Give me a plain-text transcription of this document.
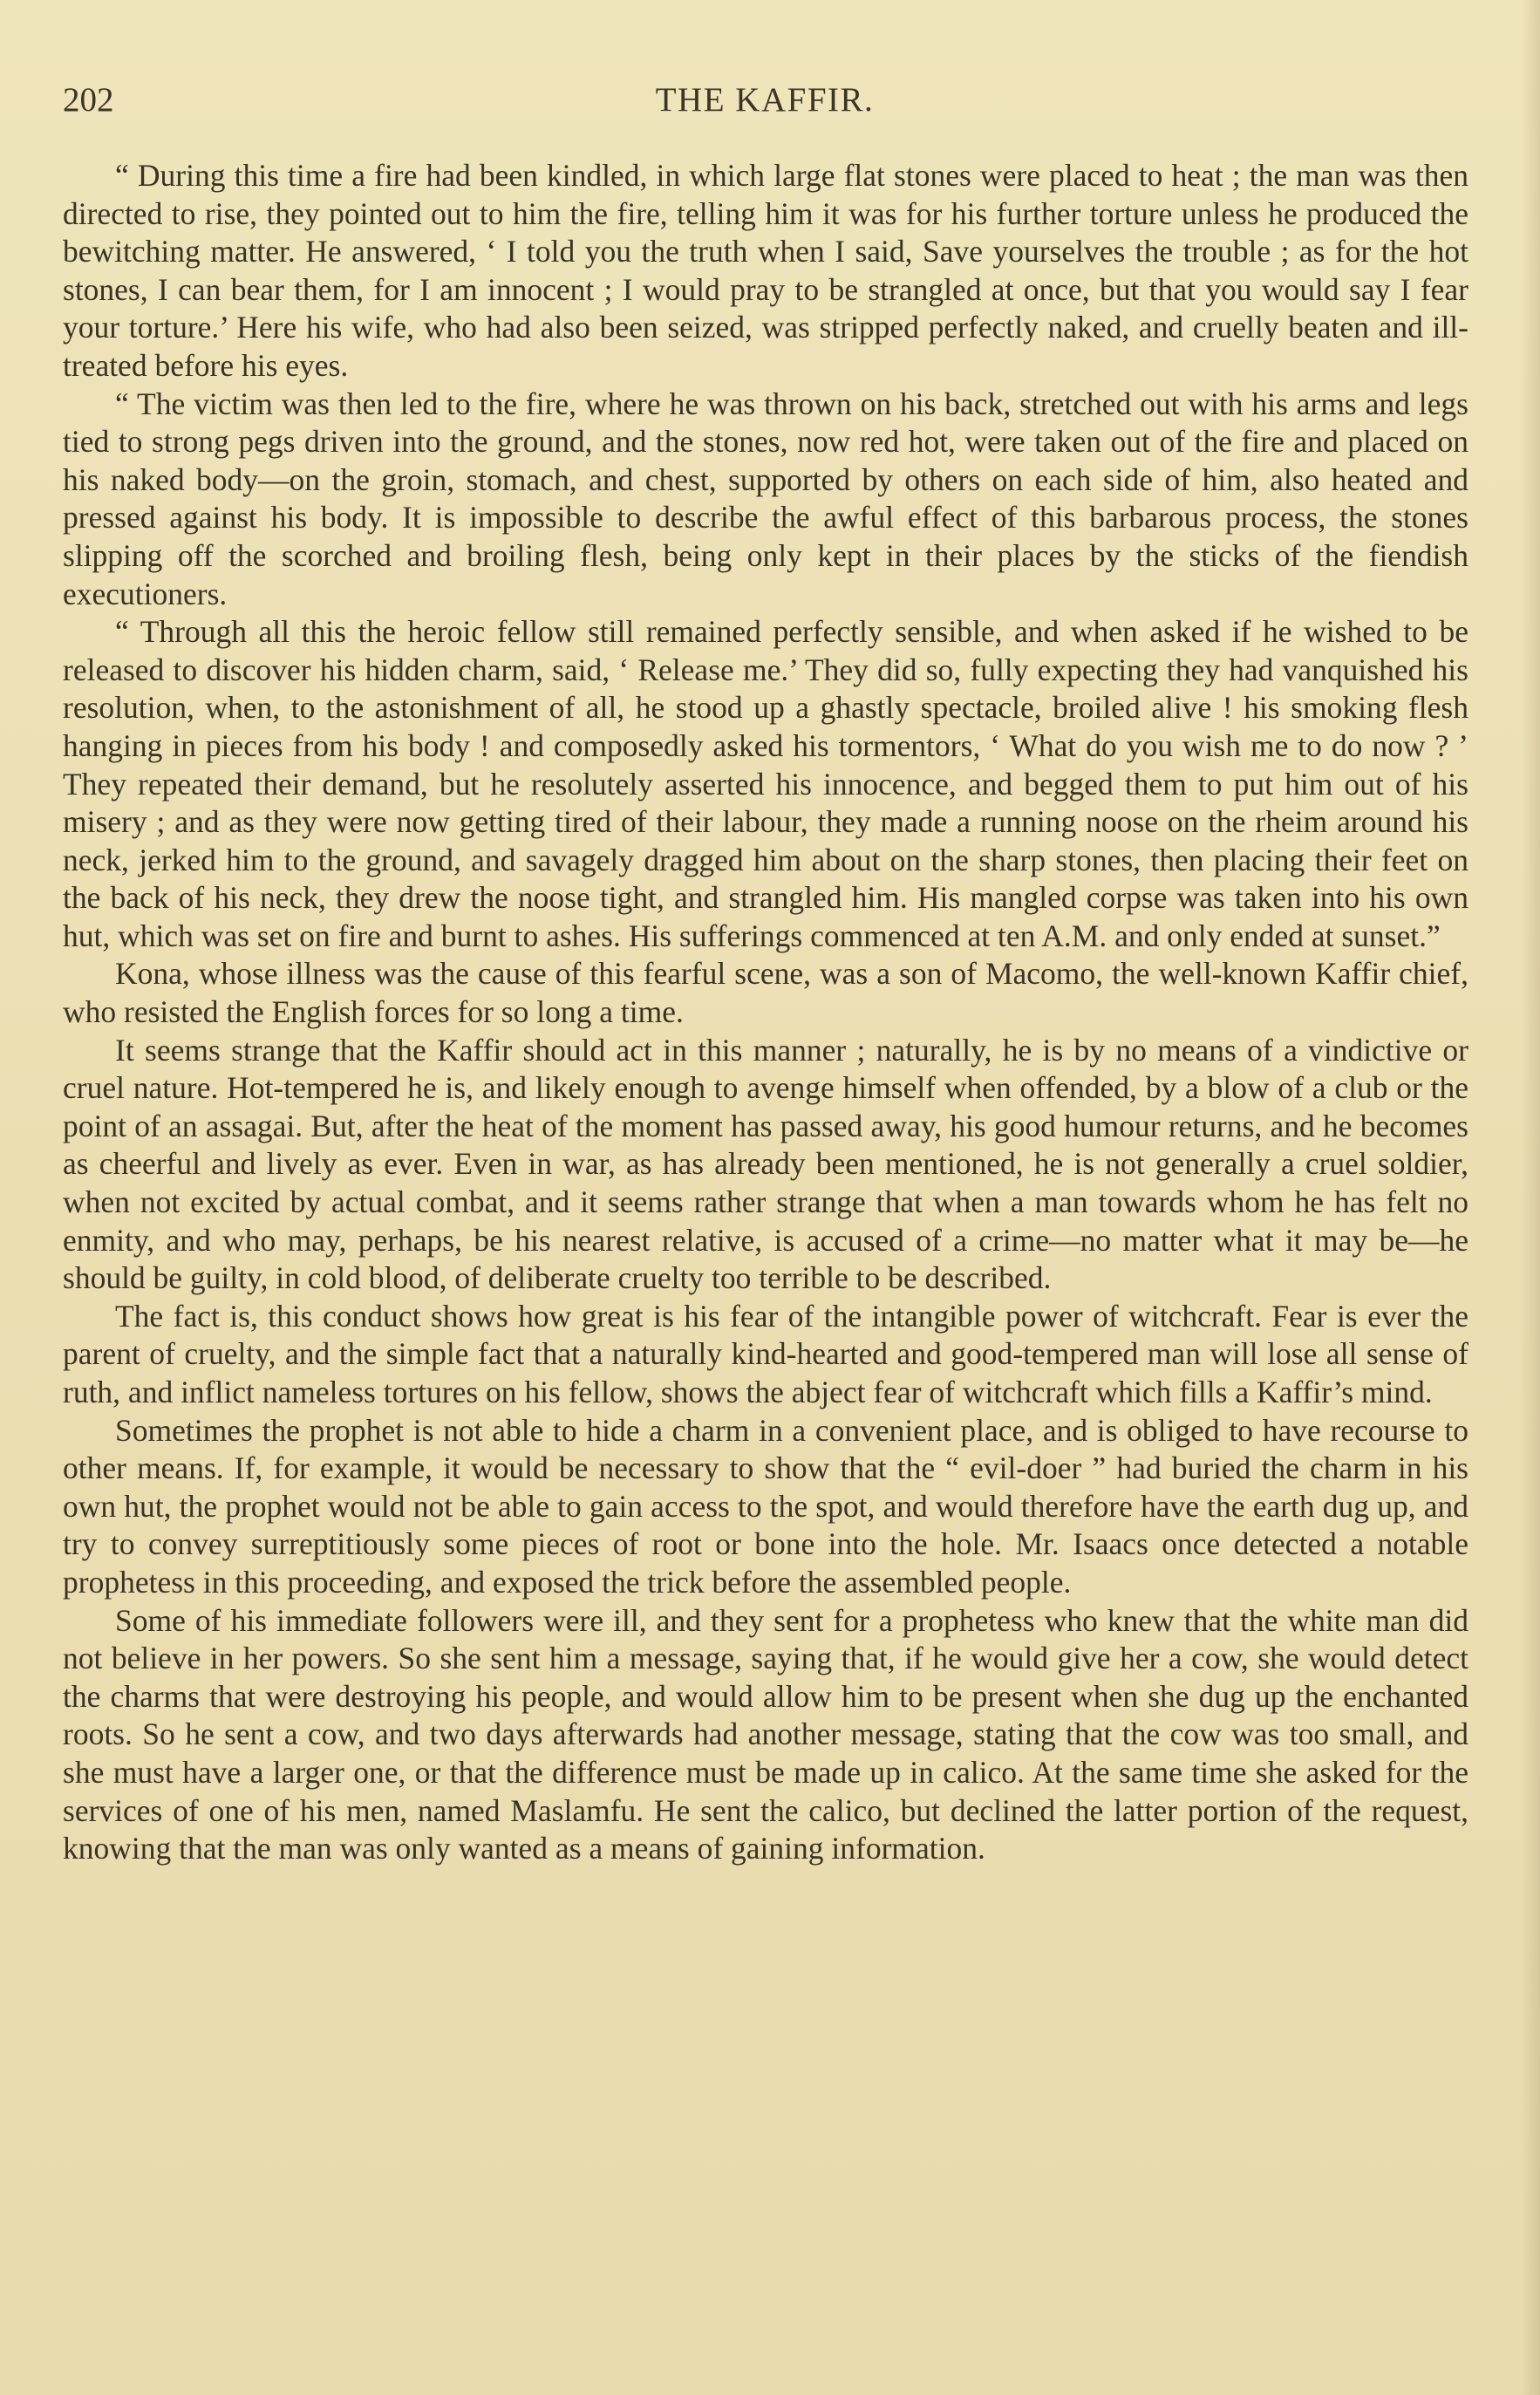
202	THE KAFFIR.

“ During this time a fire had been kindled, in which large flat stones were placed to heat ; the man was then directed to rise, they pointed out to him the fire, telling him it was for his further torture unless he produced the bewitching matter. He answered, ‘ I told you the truth when I said, Save yourselves the trouble ; as for the hot stones, I can bear them, for I am innocent ; I would pray to be strangled at once, but that you would say I fear your torture.’ Here his wife, who had also been seized, was stripped perfectly naked, and cruelly beaten and ill-treated before his eyes.

“ The victim was then led to the fire, where he was thrown on his back, stretched out with his arms and legs tied to strong pegs driven into the ground, and the stones, now red hot, were taken out of the fire and placed on his naked body—on the groin, stomach, and chest, supported by others on each side of him, also heated and pressed against his body. It is impossible to describe the awful effect of this barbarous process, the stones slipping off the scorched and broiling flesh, being only kept in their places by the sticks of the fiendish executioners.

“ Through all this the heroic fellow still remained perfectly sensible, and when asked if he wished to be released to discover his hidden charm, said, ‘ Release me.’ They did so, fully expecting they had vanquished his resolution, when, to the astonishment of all, he stood up a ghastly spectacle, broiled alive ! his smoking flesh hanging in pieces from his body ! and composedly asked his tormentors, ‘ What do you wish me to do now ? ’ They repeated their demand, but he resolutely asserted his innocence, and begged them to put him out of his misery ; and as they were now getting tired of their labour, they made a running noose on the rheim around his neck, jerked him to the ground, and savagely dragged him about on the sharp stones, then placing their feet on the back of his neck, they drew the noose tight, and strangled him. His mangled corpse was taken into his own hut, which was set on fire and burnt to ashes. His sufferings commenced at ten A.M. and only ended at sunset.”

Kona, whose illness was the cause of this fearful scene, was a son of Macomo, the well-known Kaffir chief, who resisted the English forces for so long a time.

It seems strange that the Kaffir should act in this manner ; naturally, he is by no means of a vindictive or cruel nature. Hot-tempered he is, and likely enough to avenge himself when offended, by a blow of a club or the point of an assagai. But, after the heat of the moment has passed away, his good humour returns, and he becomes as cheerful and lively as ever. Even in war, as has already been mentioned, he is not generally a cruel soldier, when not excited by actual combat, and it seems rather strange that when a man towards whom he has felt no enmity, and who may, perhaps, be his nearest relative, is accused of a crime—no matter what it may be—he should be guilty, in cold blood, of deliberate cruelty too terrible to be described.

The fact is, this conduct shows how great is his fear of the intangible power of witchcraft. Fear is ever the parent of cruelty, and the simple fact that a naturally kind-hearted and good-tempered man will lose all sense of ruth, and inflict nameless tortures on his fellow, shows the abject fear of witchcraft which fills a Kaffir’s mind.

Sometimes the prophet is not able to hide a charm in a convenient place, and is obliged to have recourse to other means. If, for example, it would be necessary to show that the “ evil-doer ” had buried the charm in his own hut, the prophet would not be able to gain access to the spot, and would therefore have the earth dug up, and try to convey surreptitiously some pieces of root or bone into the hole. Mr. Isaacs once detected a notable prophetess in this proceeding, and exposed the trick before the assembled people.

Some of his immediate followers were ill, and they sent for a prophetess who knew that the white man did not believe in her powers. So she sent him a message, saying that, if he would give her a cow, she would detect the charms that were destroying his people, and would allow him to be present when she dug up the enchanted roots. So he sent a cow, and two days afterwards had another message, stating that the cow was too small, and she must have a larger one, or that the difference must be made up in calico. At the same time she asked for the services of one of his men, named Maslamfu. He sent the calico, but declined the latter portion of the request, knowing that the man was only wanted as a means of gaining information.
